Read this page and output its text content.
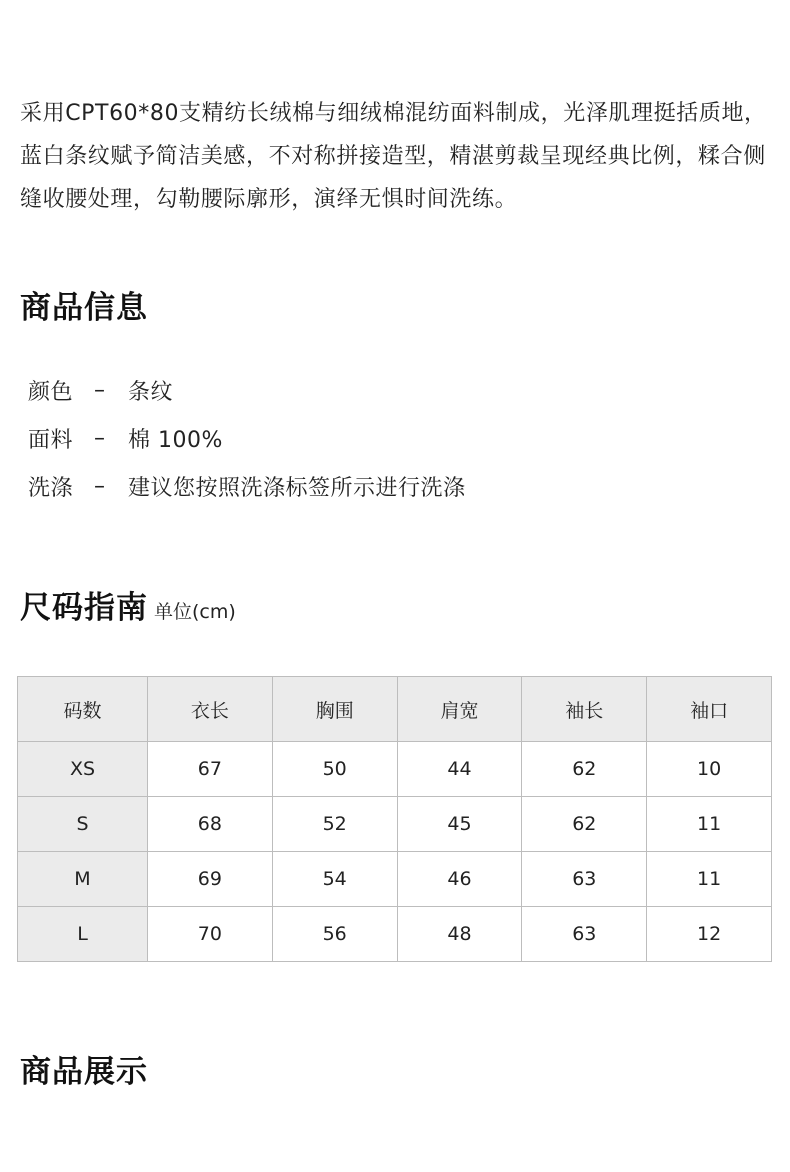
采用CPT60*80支精纺长绒棉与细绒棉混纺面料制成，光泽肌理挺括质地，蓝白条纹赋予简洁美感，不对称拼接造型，精湛剪裁呈现经典比例，糅合侧缝收腰处理，勾勒腰际廓形，演绎无惧时间洗练。

商品信息
颜色 –	条纹
面料 –	棉 100%
洗涤 –	建议您按照洗涤标签所示进行洗涤
尺码指南 单位(cm)
码数	衣长	胸围	肩宽	袖长	袖口
XS	67	50	44	62	10
S	68	52	45	62	11
M	69	54	46	63	11
L	70	56	48	63	12
商品展示
